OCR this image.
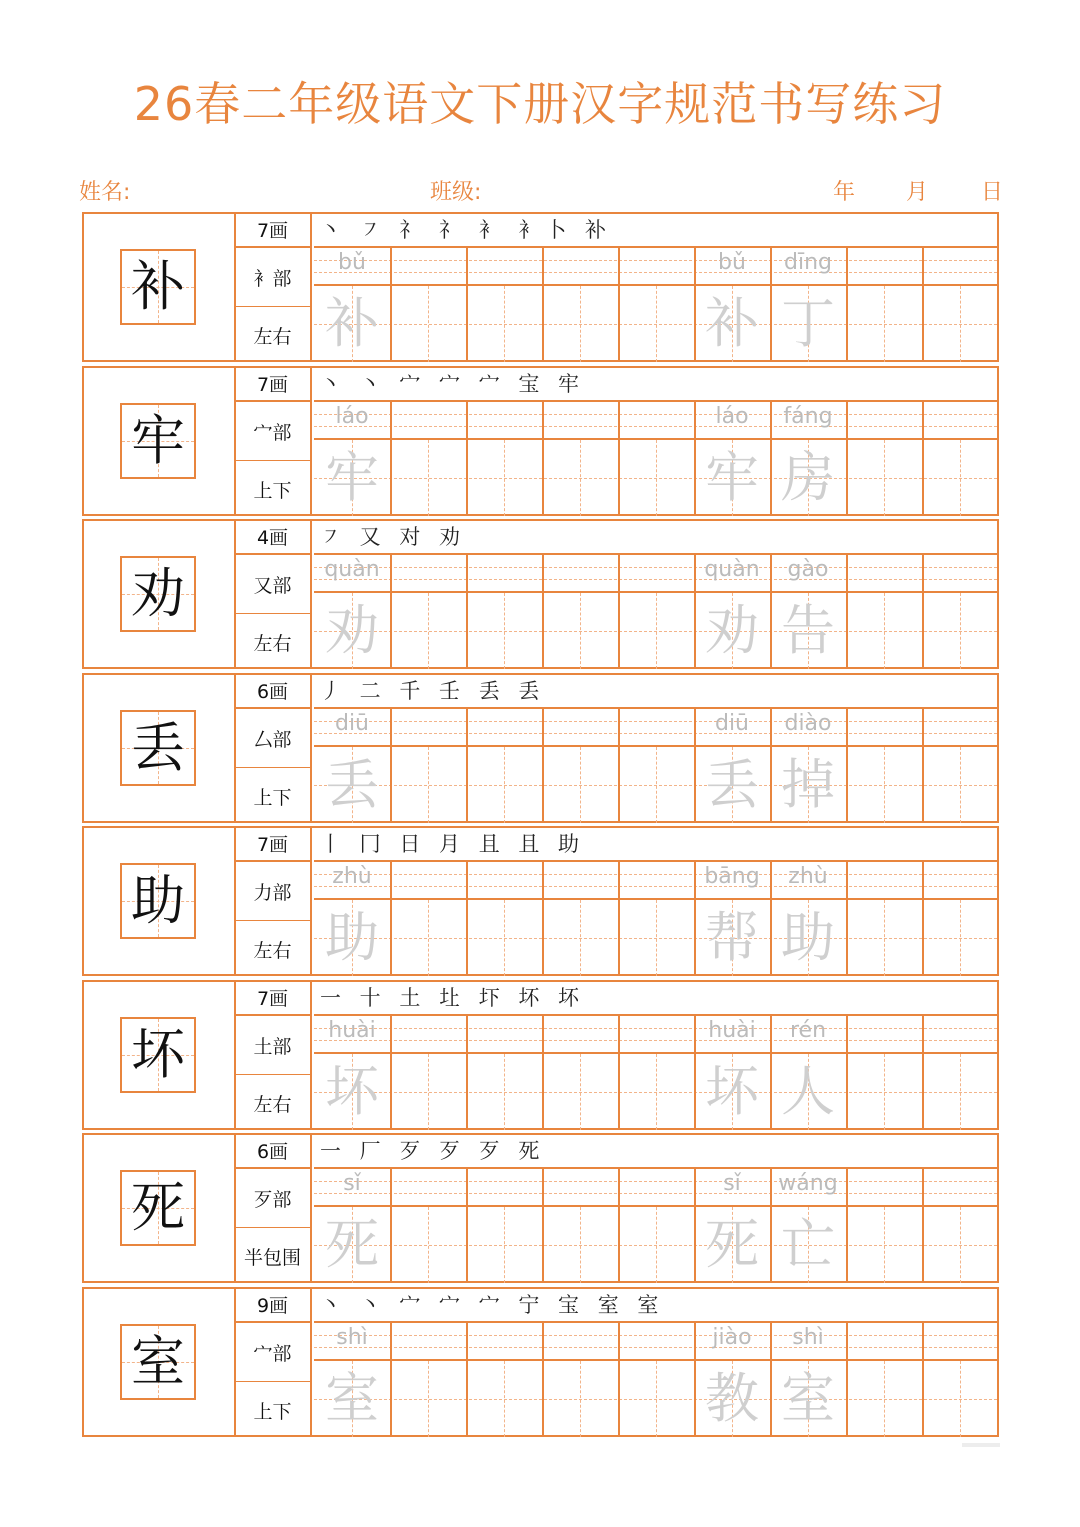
26春二年级语文下册汉字规范书写练习
姓名:	班级:	年 月 日
补
7画
衤部
左右
丶 ㇇ 礻 礻 衤 衤卜 补
bǔ
补
bǔ
补
dīng
丁
牢
7画
宀部
上下
丶 丶 宀 宀 宀 宝 牢
láo
牢
láo
牢
fáng
房
劝
4画
又部
左右
㇇ 又 对 劝
quàn
劝
quàn
劝
gào
告
丢
6画
厶部
上下
丿 二 千 壬 丢 丢
diū
丢
diū
丢
diào
掉
助
7画
力部
左右
丨 冂 日 月 且 且 助
zhù
助
bāng
帮
zhù
助
坏
7画
土部
左右
一 十 土 圵 圷 坏 坏
huài
坏
huài
坏
rén
人
死
6画
歹部
半包围
一 厂 歹 歹 歹 死
sǐ
死
sǐ
死
wáng
亡
室
9画
宀部
上下
丶 丶 宀 宀 宀 宁 宝 室 室
shì
室
jiào
教
shì
室
